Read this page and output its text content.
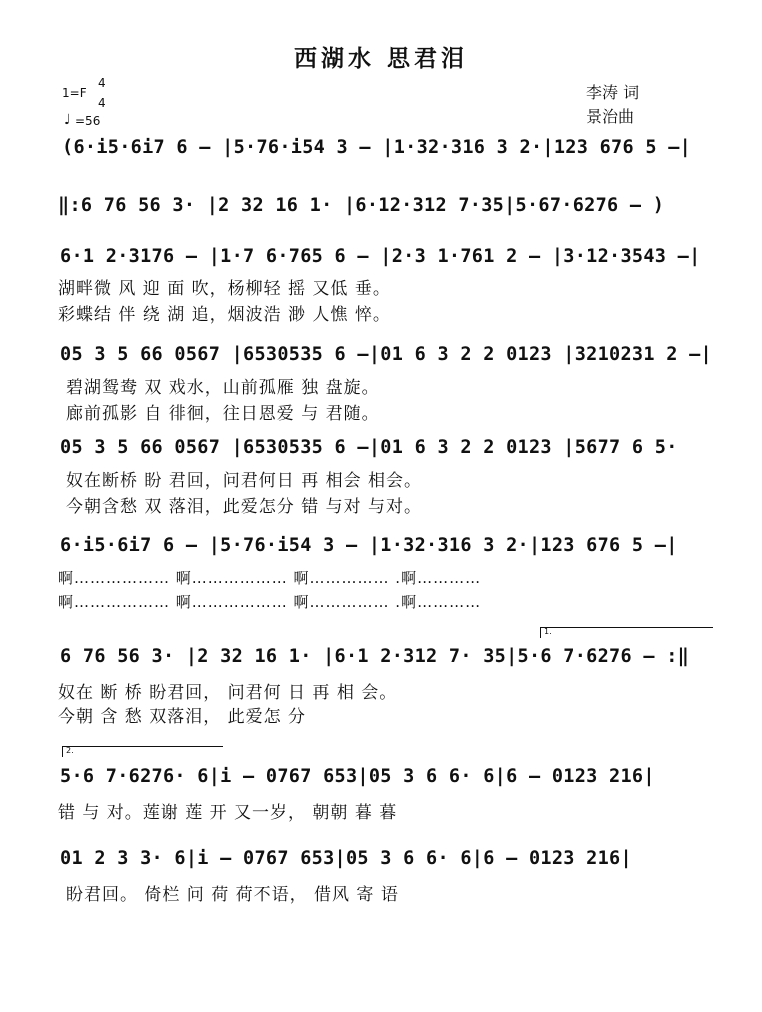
西湖水 思君泪
李涛 词
景治曲
1=F
4
4
♩ =56
(6·i5·6i7 6 – |5·76·i54 3 – |1·32·316 3 2·|123 676 5 –|
‖:6 76 56 3· |2 32 16 1· |6·12·312 7·35|5·67·6276 – )
6·1 2·3176 – |1·7 6·765 6 – |2·3 1·761 2 – |3·12·3543 –|
湖畔微 风 迎 面 吹，杨柳轻 摇 又低 垂。
彩蝶结 伴 绕 湖 追，烟波浩 渺 人憔 悴。
05 3 5 66 0567 |6530535 6 –|01 6 3 2 2 0123 |3210231 2 –|
碧湖鸳鸯 双 戏水，山前孤雁 独 盘旋。
廊前孤影 自 徘徊，往日恩爱 与 君随。
05 3 5 66 0567 |6530535 6 –|01 6 3 2 2 0123 |5677 6 5·
奴在断桥 盼 君回，问君何日 再 相会 相会。
今朝含愁 双 落泪，此爱怎分 错 与对 与对。
6·i5·6i7 6 – |5·76·i54 3 – |1·32·316 3 2·|123 676 5 –|
啊……………… 啊……………… 啊…………… .啊…………
啊……………… 啊……………… 啊…………… .啊…………
1.
6 76 56 3· |2 32 16 1· |6·1 2·312 7· 35|5·6 7·6276 – :‖
奴在 断 桥 盼君回， 问君何 日 再 相 会。
今朝 含 愁 双落泪， 此爱怎 分
2.
5·6 7·6276· 6|i – 0767 653|05 3 6 6· 6|6 – 0123 216|
错 与 对。莲谢 莲 开 又一岁， 朝朝 暮 暮
01 2 3 3· 6|i – 0767 653|05 3 6 6· 6|6 – 0123 216|
盼君回。 倚栏 问 荷 荷不语， 借风 寄 语
